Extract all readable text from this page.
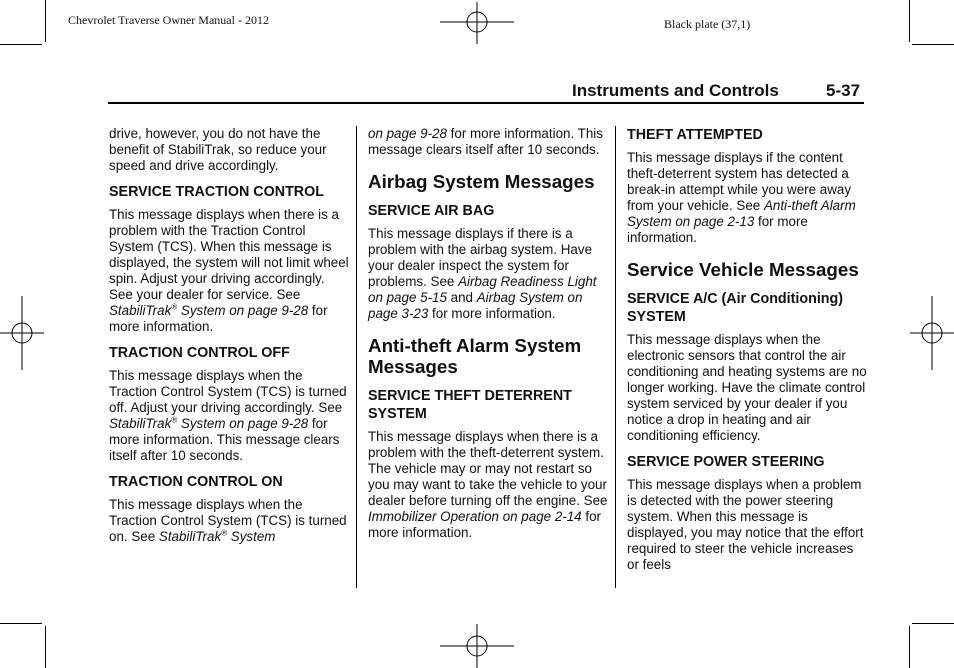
Chevrolet Traverse Owner Manual - 2012	Black plate (37,1)
Instruments and Controls	5-37

drive, however, you do not have the benefit of StabiliTrak, so reduce your speed and drive accordingly.

SERVICE TRACTION CONTROL

This message displays when there is a problem with the Traction Control System (TCS). When this message is displayed, the system will not limit wheel spin. Adjust your driving accordingly. See your dealer for service. See StabiliTrak® System on page 9-28 for more information.

TRACTION CONTROL OFF

This message displays when the Traction Control System (TCS) is turned off. Adjust your driving accordingly. See StabiliTrak® System on page 9-28 for more information. This message clears itself after 10 seconds.

TRACTION CONTROL ON

This message displays when the Traction Control System (TCS) is turned on. See StabiliTrak® System

on page 9-28 for more information. This message clears itself after 10 seconds.

Airbag System Messages
SERVICE AIR BAG

This message displays if there is a problem with the airbag system. Have your dealer inspect the system for problems. See Airbag Readiness Light on page 5-15 and Airbag System on page 3-23 for more information.

Anti-theft Alarm System Messages
SERVICE THEFT DETERRENT SYSTEM

This message displays when there is a problem with the theft-deterrent system. The vehicle may or may not restart so you may want to take the vehicle to your dealer before turning off the engine. See Immobilizer Operation on page 2-14 for more information.

THEFT ATTEMPTED

This message displays if the content theft-deterrent system has detected a break-in attempt while you were away from your vehicle. See Anti-theft Alarm System on page 2-13 for more information.

Service Vehicle Messages
SERVICE A/C (Air Conditioning) SYSTEM

This message displays when the electronic sensors that control the air conditioning and heating systems are no longer working. Have the climate control system serviced by your dealer if you notice a drop in heating and air conditioning efficiency.

SERVICE POWER STEERING

This message displays when a problem is detected with the power steering system. When this message is displayed, you may notice that the effort required to steer the vehicle increases or feels
